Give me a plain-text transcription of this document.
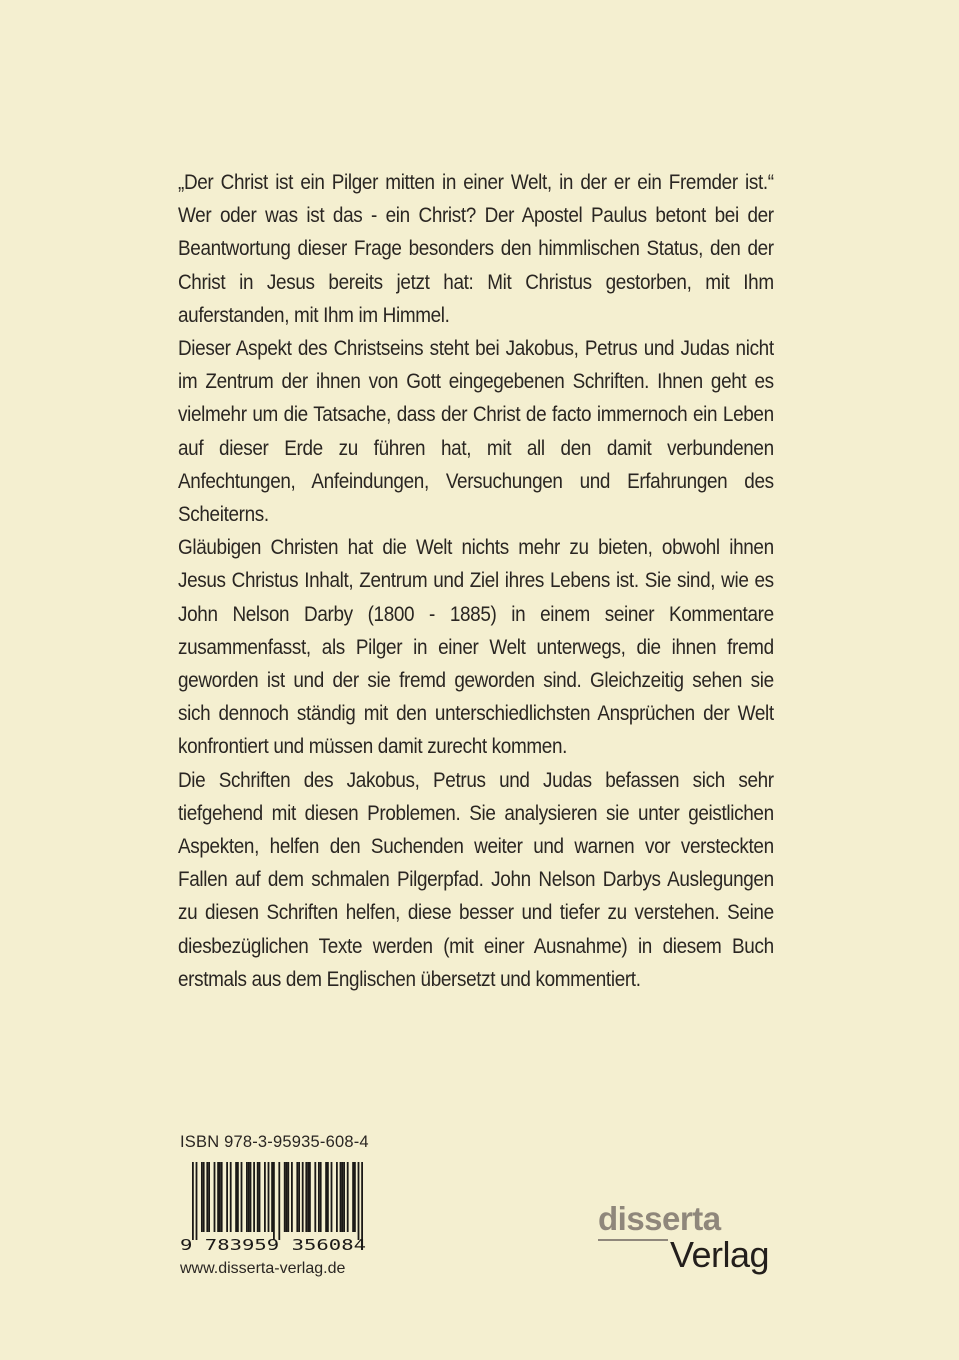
„Der Christ ist ein Pilger mitten in einer Welt, in der er ein Fremder ist.“ Wer oder was ist das - ein Christ? Der Apostel Paulus betont bei der Beantwortung dieser Frage besonders den himmlischen Status, den der Christ in Jesus bereits jetzt hat: Mit Christus gestorben, mit Ihm auferstanden, mit Ihm im Himmel.

Dieser Aspekt des Christseins steht bei Jakobus, Petrus und Judas nicht im Zentrum der ihnen von Gott eingegebenen Schriften. Ihnen geht es vielmehr um die Tatsache, dass der Christ de facto immernoch ein Leben auf dieser Erde zu führen hat, mit all den damit verbundenen Anfechtungen, Anfeindungen, Versuchungen und Erfahrungen des Scheiterns.

Gläubigen Christen hat die Welt nichts mehr zu bieten, obwohl ihnen Jesus Christus Inhalt, Zentrum und Ziel ihres Lebens ist. Sie sind, wie es John Nelson Darby (1800 - 1885) in einem seiner Kommentare zusammenfasst, als Pilger in einer Welt unterwegs, die ihnen fremd geworden ist und der sie fremd geworden sind. Gleichzeitig sehen sie sich dennoch ständig mit den unterschiedlichsten Ansprüchen der Welt konfrontiert und müssen damit zurecht kommen.

Die Schriften des Jakobus, Petrus und Judas befassen sich sehr tiefgehend mit diesen Problemen. Sie analysieren sie unter geistlichen Aspekten, helfen den Suchenden weiter und warnen vor versteckten Fallen auf dem schmalen Pilgerpfad. John Nelson Darbys Auslegungen zu diesen Schriften helfen, diese besser und tiefer zu verstehen. Seine diesbezüglichen Texte werden (mit einer Ausnahme) in diesem Buch erstmals aus dem Englischen übersetzt und kommentiert.

ISBN 978-3-95935-608-4
9 783959 356084
www.disserta-verlag.de
disserta
Verlag
